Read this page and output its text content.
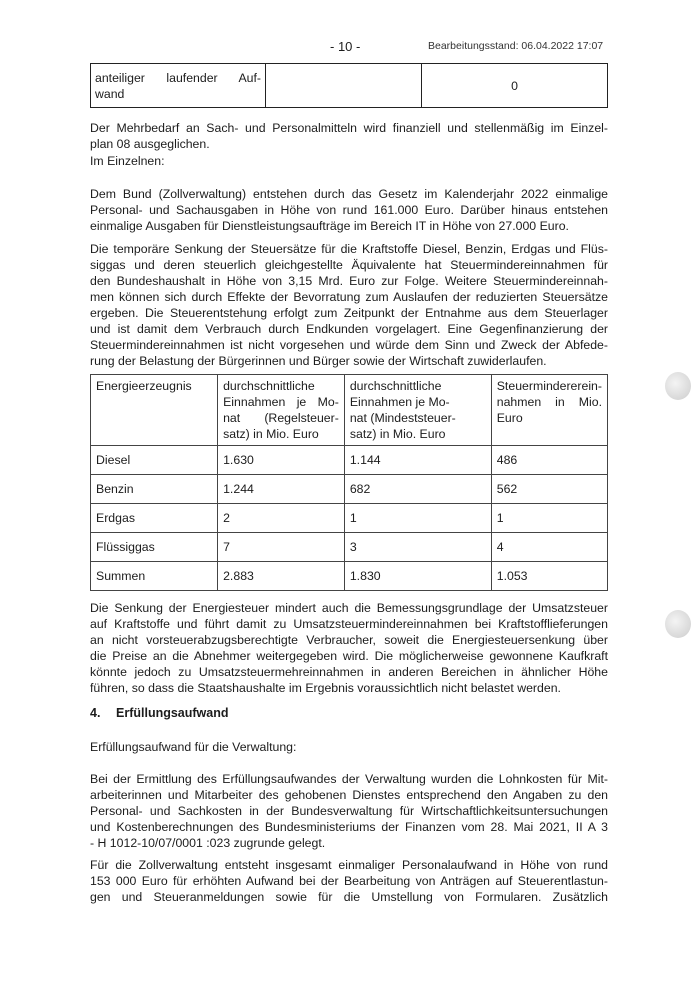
- 10 -	Bearbeitungsstand: 06.04.2022 17:07
anteiliger laufender Auf-
wand
		0

Der Mehrbedarf an Sach- und Personalmitteln wird finanziell und stellenmäßig im Einzel-
plan 08 ausgeglichen.

Im Einzelnen:

Dem Bund (Zollverwaltung) entstehen durch das Gesetz im Kalenderjahr 2022 einmalige
Personal- und Sachausgaben in Höhe von rund 161.000 Euro. Darüber hinaus entstehen
einmalige Ausgaben für Dienstleistungsaufträge im Bereich IT in Höhe von 27.000 Euro.

Die temporäre Senkung der Steuersätze für die Kraftstoffe Diesel, Benzin, Erdgas und Flüs-
siggas und deren steuerlich gleichgestellte Äquivalente hat Steuermindereinnahmen für
den Bundeshaushalt in Höhe von 3,15 Mrd. Euro zur Folge. Weitere Steuermindereinnah-
men können sich durch Effekte der Bevorratung zum Auslaufen der reduzierten Steuersätze
ergeben. Die Steuerentstehung erfolgt zum Zeitpunkt der Entnahme aus dem Steuerlager
und ist damit dem Verbrauch durch Endkunden vorgelagert. Eine Gegenfinanzierung der
Steuermindereinnahmen ist nicht vorgesehen und würde dem Sinn und Zweck der Abfede-
rung der Belastung der Bürgerinnen und Bürger sowie der Wirtschaft zuwiderlaufen.

Energieerzeugnis	durchschnittliche
Einnahmen je Mo-
nat (Regelsteuer-
satz) in Mio. Euro	durchschnittliche
Einnahmen je Mo-
nat (Mindeststeuer-
satz) in Mio. Euro	Steuermindererein-
nahmen in Mio.
Euro

Diesel	1.630	1.144	486
Benzin	1.244	682	562
Erdgas	2	1	1
Flüssiggas	7	3	4
Summen	2.883	1.830	1.053

Die Senkung der Energiesteuer mindert auch die Bemessungsgrundlage der Umsatzsteuer
auf Kraftstoffe und führt damit zu Umsatzsteuermindereinnahmen bei Kraftstofflieferungen
an nicht vorsteuerabzugsberechtigte Verbraucher, soweit die Energiesteuersenkung über
die Preise an die Abnehmer weitergegeben wird. Die möglicherweise gewonnene Kaufkraft
könnte jedoch zu Umsatzsteuermehreinnahmen in anderen Bereichen in ähnlicher Höhe
führen, so dass die Staatshaushalte im Ergebnis voraussichtlich nicht belastet werden.

4. Erfüllungsaufwand

Erfüllungsaufwand für die Verwaltung:

Bei der Ermittlung des Erfüllungsaufwandes der Verwaltung wurden die Lohnkosten für Mit-
arbeiterinnen und Mitarbeiter des gehobenen Dienstes entsprechend den Angaben zu den
Personal- und Sachkosten in der Bundesverwaltung für Wirtschaftlichkeitsuntersuchungen
und Kostenberechnungen des Bundesministeriums der Finanzen vom 28. Mai 2021, II A 3
- H 1012-10/07/0001 :023 zugrunde gelegt.

Für die Zollverwaltung entsteht insgesamt einmaliger Personalaufwand in Höhe von rund
153 000 Euro für erhöhten Aufwand bei der Bearbeitung von Anträgen auf Steuerentlastun-
gen und Steueranmeldungen sowie für die Umstellung von Formularen. Zusätzlich
